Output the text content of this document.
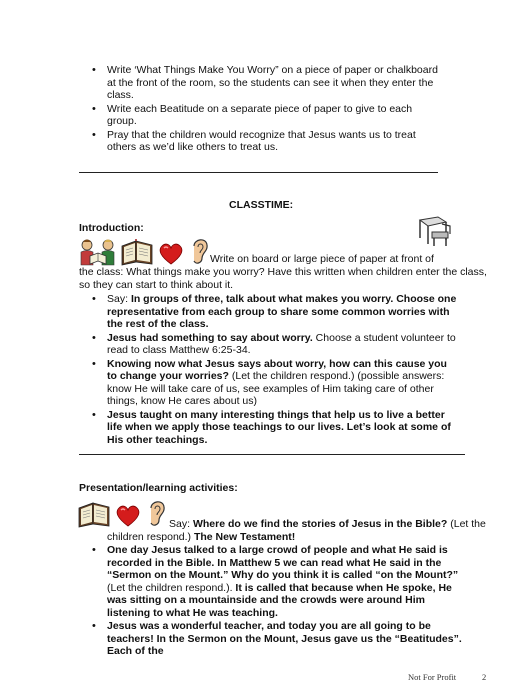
• Write ‘What Things Make You Worry” on a piece of paper or chalkboard at the front of the room, so the students can see it when they enter the class.
• Write each Beatitude on a separate piece of paper to give to each group.
• Pray that the children would recognize that Jesus wants us to treat others as we’d like others to treat us.
CLASSTIME:
Introduction:
Write on board or large piece of paper at front of
the class: What things make you worry? Have this written when children enter the class,
so they can start to think about it.
• Say: In groups of three, talk about what makes you worry. Choose one representative from each group to share some common worries with the rest of the class.
• Jesus had something to say about worry. Choose a student volunteer to read to class Matthew 6:25-34.
• Knowing now what Jesus says about worry, how can this cause you to change your worries? (Let the children respond.) (possible answers: know He will take care of us, see examples of Him taking care of other things, know He cares about us)
• Jesus taught on many interesting things that help us to live a better life when we apply those teachings to our lives. Let’s look at some of His other teachings.
Presentation/learning activities:
Say: Where do we find the stories of Jesus in the Bible? (Let the
children respond.) The New Testament!
• One day Jesus talked to a large crowd of people and what He said is recorded in the Bible. In Matthew 5 we can read what He said in the “Sermon on the Mount.” Why do you think it is called “on the Mount?” (Let the children respond.). It is called that because when He spoke, He was sitting on a mountainside and the crowds were around Him listening to what He was teaching.
• Jesus was a wonderful teacher, and today you are all going to be teachers! In the Sermon on the Mount, Jesus gave us the “Beatitudes”. Each of the
Not For Profit	2
